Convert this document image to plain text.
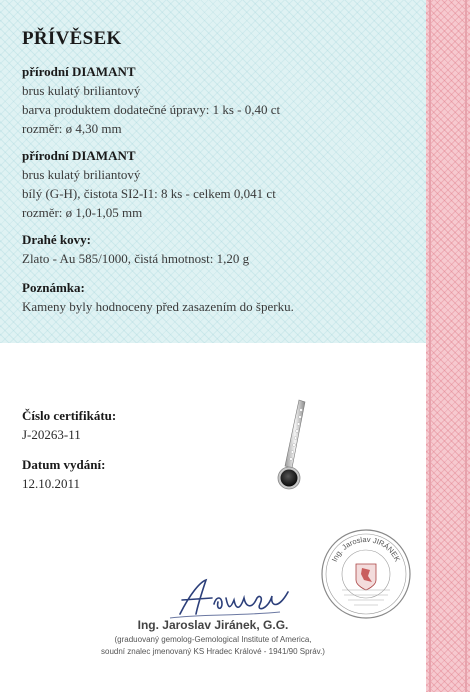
PŘÍVĚSEK
přírodní DIAMANT
brus kulatý briliantový
barva produktem dodatečné úpravy: 1 ks - 0,40 ct
rozměr: ø 4,30 mm
přírodní DIAMANT
brus kulatý briliantový
bílý (G-H), čistota SI2-I1: 8 ks - celkem 0,041 ct
rozměr: ø 1,0-1,05 mm
Drahé kovy:
Zlato - Au 585/1000, čistá hmotnost: 1,20 g
Poznámka:
Kameny byly hodnoceny před zasazením do šperku.
Číslo certifikátu:
J-20263-11
Datum vydání:
12.10.2011
Ing. Jaroslav Jiránek, G.G.
(graduovaný gemolog-Gemological Institute of America,
soudní znalec jmenovaný KS Hradec Králové - 1941/90 Správ.)
Ing. Jaroslav JIRÁNEK
